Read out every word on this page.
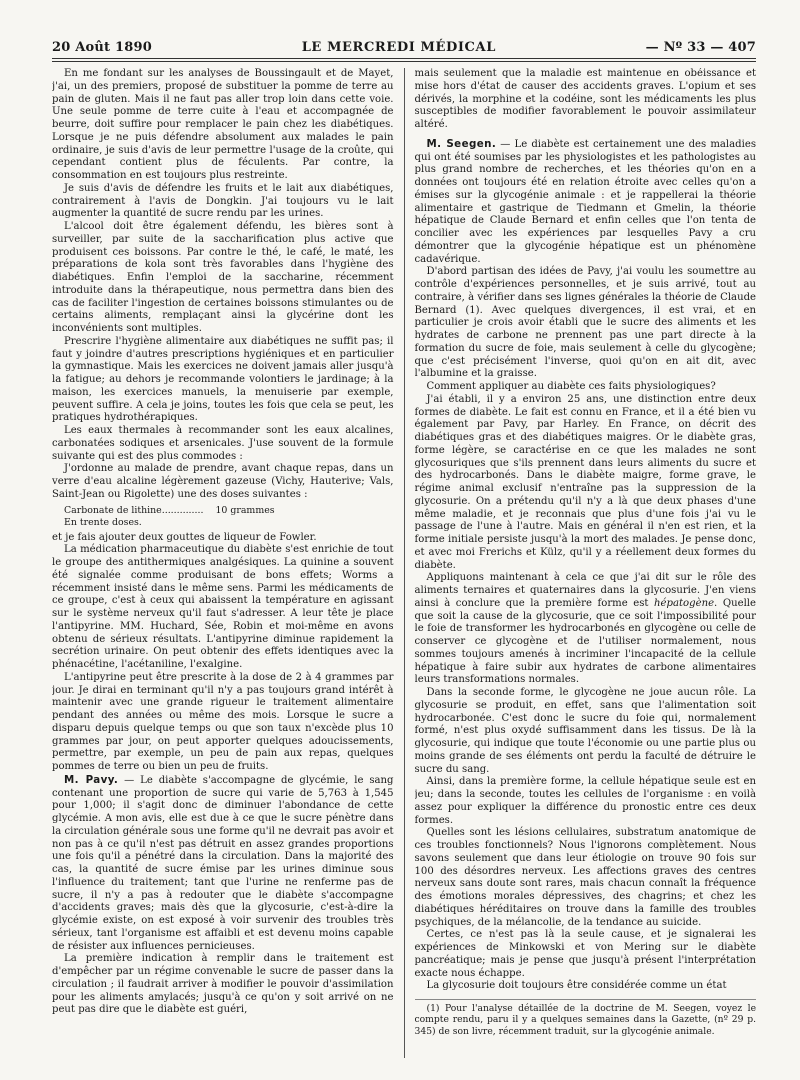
20 Août 1890	LE MERCREDI MÉDICAL	— Nº 33 — 407

En me fondant sur les analyses de Boussingault et de Mayet, j'ai, un des premiers, proposé de substituer la pomme de terre au pain de gluten. Mais il ne faut pas aller trop loin dans cette voie. Une seule pomme de terre cuite à l'eau et accompagnée de beurre, doit suffire pour remplacer le pain chez les diabétiques. Lorsque je ne puis défendre absolument aux malades le pain ordinaire, je suis d'avis de leur permettre l'usage de la croûte, qui cependant contient plus de féculents. Par contre, la consommation en est toujours plus restreinte.

Je suis d'avis de défendre les fruits et le lait aux diabétiques, contrairement à l'avis de Dongkin. J'ai toujours vu le lait augmenter la quantité de sucre rendu par les urines.

L'alcool doit être également défendu, les bières sont à surveiller, par suite de la saccharification plus active que produisent ces boissons. Par contre le thé, le café, le maté, les préparations de kola sont très favorables dans l'hygiène des diabétiques. Enfin l'emploi de la saccharine, récemment introduite dans la thérapeutique, nous permettra dans bien des cas de faciliter l'ingestion de certaines boissons stimulantes ou de certains aliments, remplaçant ainsi la glycérine dont les inconvénients sont multiples.

Prescrire l'hygiène alimentaire aux diabétiques ne suffit pas; il faut y joindre d'autres prescriptions hygiéniques et en particulier la gymnastique. Mais les exercices ne doivent jamais aller jusqu'à la fatigue; au dehors je recommande volontiers le jardinage; à la maison, les exercices manuels, la menuiserie par exemple, peuvent suffire. A cela je joins, toutes les fois que cela se peut, les pratiques hydrothérapiques.

Les eaux thermales à recommander sont les eaux alcalines, carbonatées sodiques et arsenicales. J'use souvent de la formule suivante qui est des plus commodes :

J'ordonne au malade de prendre, avant chaque repas, dans un verre d'eau alcaline légèrement gazeuse (Vichy, Hauterive; Vals, Saint-Jean ou Rigolette) une des doses suivantes :

Carbonate de lithine.............. 10 grammes
En trente doses.

et je fais ajouter deux gouttes de liqueur de Fowler.

La médication pharmaceutique du diabète s'est enrichie de tout le groupe des antithermiques analgésiques. La quinine a souvent été signalée comme produisant de bons effets; Worms a récemment insisté dans le même sens. Parmi les médicaments de ce groupe, c'est à ceux qui abaissent la température en agissant sur le système nerveux qu'il faut s'adresser. A leur tête je place l'antipyrine. MM. Huchard, Sée, Robin et moi-même en avons obtenu de sérieux résultats. L'antipyrine diminue rapidement la secrétion urinaire. On peut obtenir des effets identiques avec la phénacétine, l'acétaniline, l'exalgine.

L'antipyrine peut être prescrite à la dose de 2 à 4 grammes par jour. Je dirai en terminant qu'il n'y a pas toujours grand intérêt à maintenir avec une grande rigueur le traitement alimentaire pendant des années ou même des mois. Lorsque le sucre a disparu depuis quelque temps ou que son taux n'excède plus 10 grammes par jour, on peut apporter quelques adoucissements, permettre, par exemple, un peu de pain aux repas, quelques pommes de terre ou bien un peu de fruits.

M. Pavy. — Le diabète s'accompagne de glycémie, le sang contenant une proportion de sucre qui varie de 5,763 à 1,545 pour 1,000; il s'agit donc de diminuer l'abondance de cette glycémie. A mon avis, elle est due à ce que le sucre pénètre dans la circulation générale sous une forme qu'il ne devrait pas avoir et non pas à ce qu'il n'est pas détruit en assez grandes proportions une fois qu'il a pénétré dans la circulation. Dans la majorité des cas, la quantité de sucre émise par les urines diminue sous l'influence du traitement; tant que l'urine ne renferme pas de sucre, il n'y a pas à redouter que le diabète s'accompagne d'accidents graves; mais dès que la glycosurie, c'est-à-dire la glycémie existe, on est exposé à voir survenir des troubles très sérieux, tant l'organisme est affaibli et est devenu moins capable de résister aux influences pernicieuses.

La première indication à remplir dans le traitement est d'empêcher par un régime convenable le sucre de passer dans la circulation ; il faudrait arriver à modifier le pouvoir d'assimilation pour les aliments amylacés; jusqu'à ce qu'on y soit arrivé on ne peut pas dire que le diabète est guéri,

mais seulement que la maladie est maintenue en obéissance et mise hors d'état de causer des accidents graves. L'opium et ses dérivés, la morphine et la codéine, sont les médicaments les plus susceptibles de modifier favorablement le pouvoir assimilateur altéré.

M. Seegen. — Le diabète est certainement une des maladies qui ont été soumises par les physiologistes et les pathologistes au plus grand nombre de recherches, et les théories qu'on en a données ont toujours été en relation étroite avec celles qu'on a émises sur la glycogénie animale : et je rappellerai la théorie alimentaire et gastrique de Tiedmann et Gmelin, la théorie hépatique de Claude Bernard et enfin celles que l'on tenta de concilier avec les expériences par lesquelles Pavy a cru démontrer que la glycogénie hépatique est un phénomène cadavérique.

D'abord partisan des idées de Pavy, j'ai voulu les soumettre au contrôle d'expériences personnelles, et je suis arrivé, tout au contraire, à vérifier dans ses lignes générales la théorie de Claude Bernard (1). Avec quelques divergences, il est vrai, et en particulier je crois avoir établi que le sucre des aliments et les hydrates de carbone ne prennent pas une part directe à la formation du sucre de foie, mais seulement à celle du glycogène; que c'est précisément l'inverse, quoi qu'on en ait dit, avec l'albumine et la graisse.

Comment appliquer au diabète ces faits physiologiques?

J'ai établi, il y a environ 25 ans, une distinction entre deux formes de diabète. Le fait est connu en France, et il a été bien vu également par Pavy, par Harley. En France, on décrit des diabétiques gras et des diabétiques maigres. Or le diabète gras, forme légère, se caractérise en ce que les malades ne sont glycosuriques que s'ils prennent dans leurs aliments du sucre et des hydrocarbonés. Dans le diabète maigre, forme grave, le régime animal exclusif n'entraîne pas la suppression de la glycosurie. On a prétendu qu'il n'y a là que deux phases d'une même maladie, et je reconnais que plus d'une fois j'ai vu le passage de l'une à l'autre. Mais en général il n'en est rien, et la forme initiale persiste jusqu'à la mort des malades. Je pense donc, et avec moi Frerichs et Külz, qu'il y a réellement deux formes du diabète.

Appliquons maintenant à cela ce que j'ai dit sur le rôle des aliments ternaires et quaternaires dans la glycosurie. J'en viens ainsi à conclure que la première forme est hépatogène. Quelle que soit la cause de la glycosurie, que ce soit l'impossibilité pour le foie de transformer les hydrocarbonés en glycogène ou celle de conserver ce glycogène et de l'utiliser normalement, nous sommes toujours amenés à incriminer l'incapacité de la cellule hépatique à faire subir aux hydrates de carbone alimentaires leurs transformations normales.

Dans la seconde forme, le glycogène ne joue aucun rôle. La glycosurie se produit, en effet, sans que l'alimentation soit hydrocarbonée. C'est donc le sucre du foie qui, normalement formé, n'est plus oxydé suffisamment dans les tissus. De là la glycosurie, qui indique que toute l'économie ou une partie plus ou moins grande de ses éléments ont perdu la faculté de détruire le sucre du sang.

Ainsi, dans la première forme, la cellule hépatique seule est en jeu; dans la seconde, toutes les cellules de l'organisme : en voilà assez pour expliquer la différence du pronostic entre ces deux formes.

Quelles sont les lésions cellulaires, substratum anatomique de ces troubles fonctionnels? Nous l'ignorons complètement. Nous savons seulement que dans leur étiologie on trouve 90 fois sur 100 des désordres nerveux. Les affections graves des centres nerveux sans doute sont rares, mais chacun connaît la fréquence des émotions morales dépressives, des chagrins; et chez les diabétiques héréditaires on trouve dans la famille des troubles psychiques, de la mélancolie, de la tendance au suicide.

Certes, ce n'est pas là la seule cause, et je signalerai les expériences de Minkowski et von Mering sur le diabète pancréatique; mais je pense que jusqu'à présent l'interprétation exacte nous échappe.

La glycosurie doit toujours être considérée comme un état

(1) Pour l'analyse détaillée de la doctrine de M. Seegen, voyez le compte rendu, paru il y a quelques semaines dans la Gazette, (nº 29 p. 345) de son livre, récemment traduit, sur la glycogénie animale.
